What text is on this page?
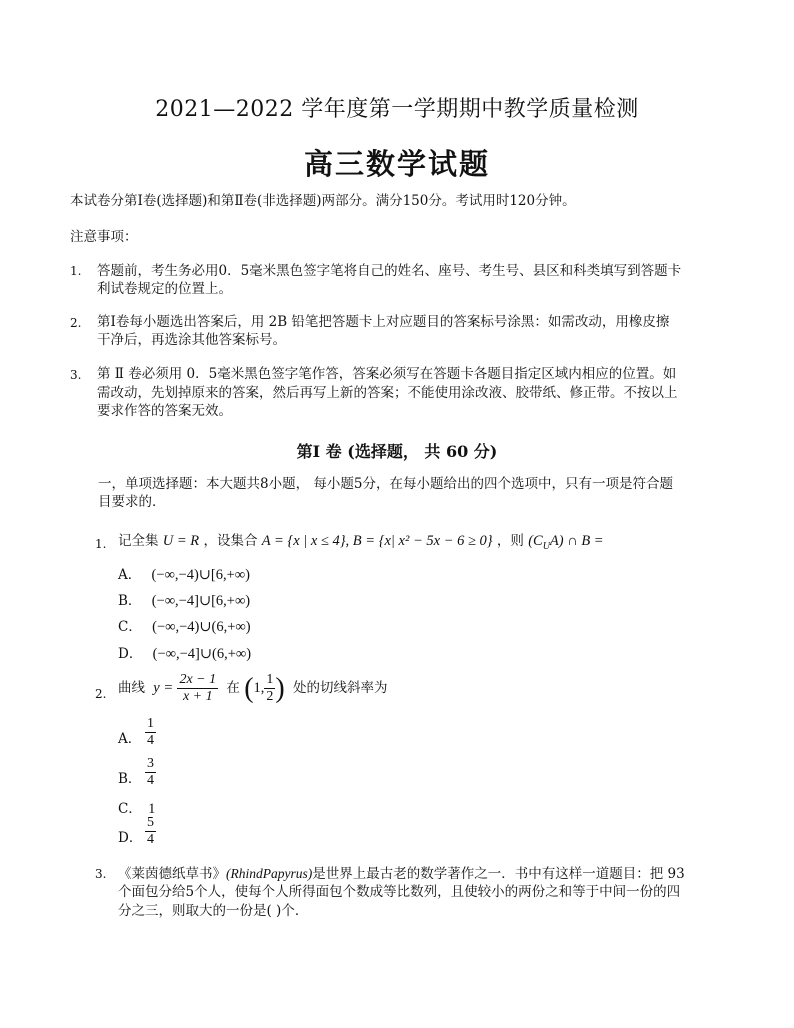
2021—2022 学年度第一学期期中教学质量检测
高三数学试题
本试卷分第Ⅰ卷(选择题)和第Ⅱ卷(非选择题)两部分。满分150分。考试用时120分钟。
注意事项：
1. 答题前，考生务必用0．5毫米黑色签字笔将自己的姓名、座号、考生号、县区和科类填写到答题卡
利试卷规定的位置上。
2. 第Ⅰ卷每小题选出答案后，用 2B 铅笔把答题卡上对应题目的答案标号涂黑：如需改动，用橡皮擦
干净后，再选涂其他答案标号。
3. 第 Ⅱ 卷必须用 0．5毫米黑色签字笔作答，答案必须写在答题卡各题目指定区域内相应的位置。如
需改动，先划掉原来的答案，然后再写上新的答案；不能使用涂改液、胶带纸、修正带。不按以上
要求作答的答案无效。
第Ⅰ 卷 (选择题， 共 60 分)
一，单项选择题：本大题共8小题， 每小题5分，在每小题给出的四个选项中，只有一项是符合题
目要求的．
1. 记全集 U = R ，设集合 A = {x | x ≤ 4}, B = {x| x² − 5x − 6 ≥ 0} ，则 $(C_UA)$ ∩ B =
A． (−∞,−4)∪[6,+∞)
B． (−∞,−4]∪[6,+∞)
C． (−∞,−4)∪(6,+∞)
D． (−∞,−4]∪(6,+∞)
2. 曲线 $y = \frac{2x - 1}{x + 1}$ 在 (1, $\frac{1}{2}$ ) 处的切线斜率为
A． $\frac{1}{4}$
B． $\frac{3}{4}$
C． 1
D． $\frac{5}{4}$
3. 《莱茵德纸草书》(RhindPapyrus)是世界上最古老的数学著作之一．书中有这样一道题目：把 93
个面包分给5个人，使每个人所得面包个数成等比数列，且使较小的两份之和等于中间一份的四
分之三，则取大的一份是( )个．
